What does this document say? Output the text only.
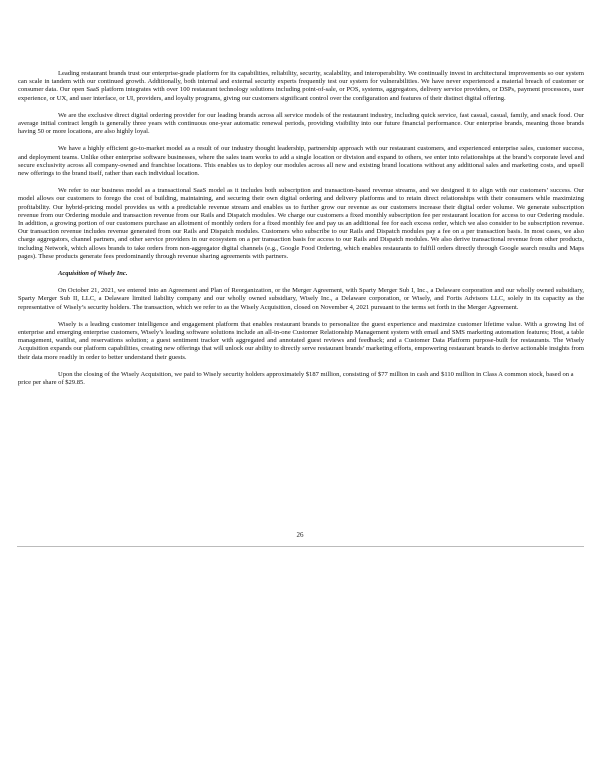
Leading restaurant brands trust our enterprise-grade platform for its capabilities, reliability, security, scalability, and interoperability. We continually invest in architectural improvements so our system can scale in tandem with our continued growth. Additionally, both internal and external security experts frequently test our system for vulnerabilities. We have never experienced a material breach of customer or consumer data. Our open SaaS platform integrates with over 100 restaurant technology solutions including point-of-sale, or POS, systems, aggregators, delivery service providers, or DSPs, payment processors, user experience, or UX, and user interface, or UI, providers, and loyalty programs, giving our customers significant control over the configuration and features of their distinct digital offering.

We are the exclusive direct digital ordering provider for our leading brands across all service models of the restaurant industry, including quick service, fast casual, casual, family, and snack food. Our average initial contract length is generally three years with continuous one-year automatic renewal periods, providing visibility into our future financial performance. Our enterprise brands, meaning those brands having 50 or more locations, are also highly loyal.

We have a highly efficient go-to-market model as a result of our industry thought leadership, partnership approach with our restaurant customers, and experienced enterprise sales, customer success, and deployment teams. Unlike other enterprise software businesses, where the sales team works to add a single location or division and expand to others, we enter into relationships at the brand’s corporate level and secure exclusivity across all company-owned and franchise locations. This enables us to deploy our modules across all new and existing brand locations without any additional sales and marketing costs, and upsell new offerings to the brand itself, rather than each individual location.

We refer to our business model as a transactional SaaS model as it includes both subscription and transaction-based revenue streams, and we designed it to align with our customers’ success. Our model allows our customers to forego the cost of building, maintaining, and securing their own digital ordering and delivery platforms and to retain direct relationships with their consumers while maximizing profitability. Our hybrid-pricing model provides us with a predictable revenue stream and enables us to further grow our revenue as our customers increase their digital order volume. We generate subscription revenue from our Ordering module and transaction revenue from our Rails and Dispatch modules. We charge our customers a fixed monthly subscription fee per restaurant location for access to our Ordering module. In addition, a growing portion of our customers purchase an allotment of monthly orders for a fixed monthly fee and pay us an additional fee for each excess order, which we also consider to be subscription revenue. Our transaction revenue includes revenue generated from our Rails and Dispatch modules. Customers who subscribe to our Rails and Dispatch modules pay a fee on a per transaction basis. In most cases, we also charge aggregators, channel partners, and other service providers in our ecosystem on a per transaction basis for access to our Rails and Dispatch modules. We also derive transactional revenue from other products, including Network, which allows brands to take orders from non-aggregator digital channels (e.g., Google Food Ordering, which enables restaurants to fulfill orders directly through Google search results and Maps pages). These products generate fees predominantly through revenue sharing agreements with partners.

Acquisition of Wisely Inc.

On October 21, 2021, we entered into an Agreement and Plan of Reorganization, or the Merger Agreement, with Sparty Merger Sub I, Inc., a Delaware corporation and our wholly owned subsidiary, Sparty Merger Sub II, LLC, a Delaware limited liability company and our wholly owned subsidiary, Wisely Inc., a Delaware corporation, or Wisely, and Fortis Advisors LLC, solely in its capacity as the representative of Wisely’s security holders. The transaction, which we refer to as the Wisely Acquisition, closed on November 4, 2021 pursuant to the terms set forth in the Merger Agreement.

Wisely is a leading customer intelligence and engagement platform that enables restaurant brands to personalize the guest experience and maximize customer lifetime value. With a growing list of enterprise and emerging enterprise customers, Wisely’s leading software solutions include an all-in-one Customer Relationship Management system with email and SMS marketing automation features; Host, a table management, waitlist, and reservations solution; a guest sentiment tracker with aggregated and annotated guest reviews and feedback; and a Customer Data Platform purpose-built for restaurants. The Wisely Acquisition expands our platform capabilities, creating new offerings that will unlock our ability to directly serve restaurant brands’ marketing efforts, empowering restaurant brands to derive actionable insights from their data more readily in order to better understand their guests.

Upon the closing of the Wisely Acquisition, we paid to Wisely security holders approximately $187 million, consisting of $77 million in cash and $110 million in Class A common stock, based on a price per share of $29.85.

26
